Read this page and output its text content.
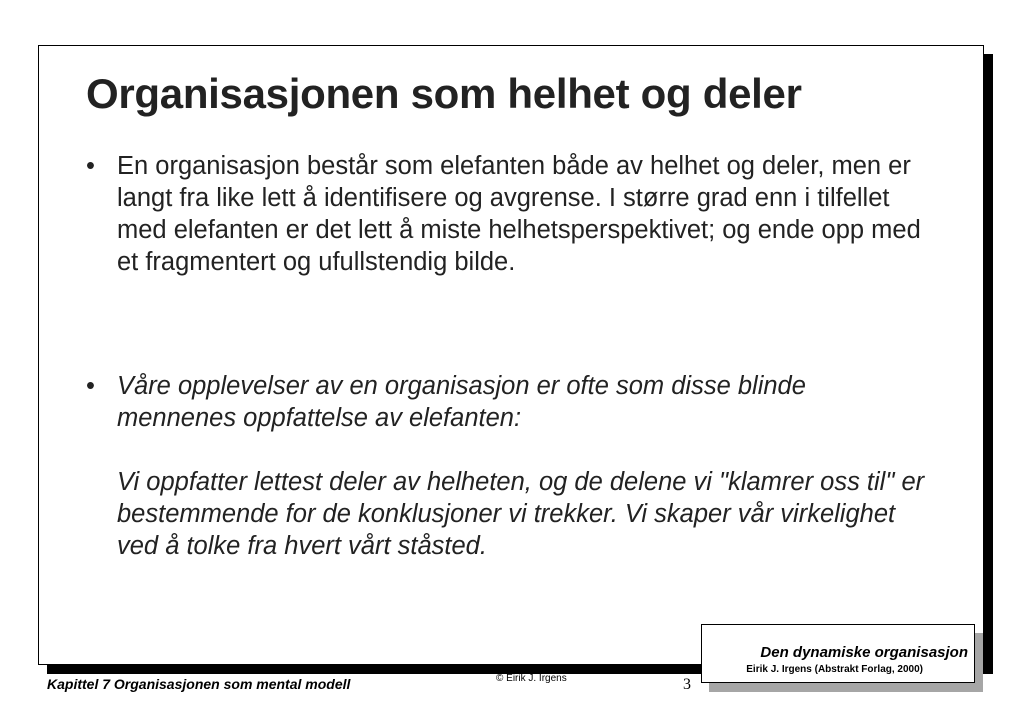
Organisasjonen som helhet og deler
• En organisasjon består som elefanten både av helhet og deler, men er langt fra like lett å identifisere og avgrense. I større grad enn i tilfellet med elefanten er det lett å miste helhetsperspektivet; og ende opp med et fragmentert og ufullstendig bilde.
• Våre opplevelser av en organisasjon er ofte som disse blinde mennenes oppfattelse av elefanten:
Vi oppfatter lettest deler av helheten, og de delene vi "klamrer oss til" er bestemmende for de konklusjoner vi trekker. Vi skaper vår virkelighet ved å tolke fra hvert vårt ståsted.
Den dynamiske organisasjon
Eirik J. Irgens (Abstrakt Forlag, 2000)
Kapittel 7 Organisasjonen som mental modell	© Eirik J. Irgens	3
